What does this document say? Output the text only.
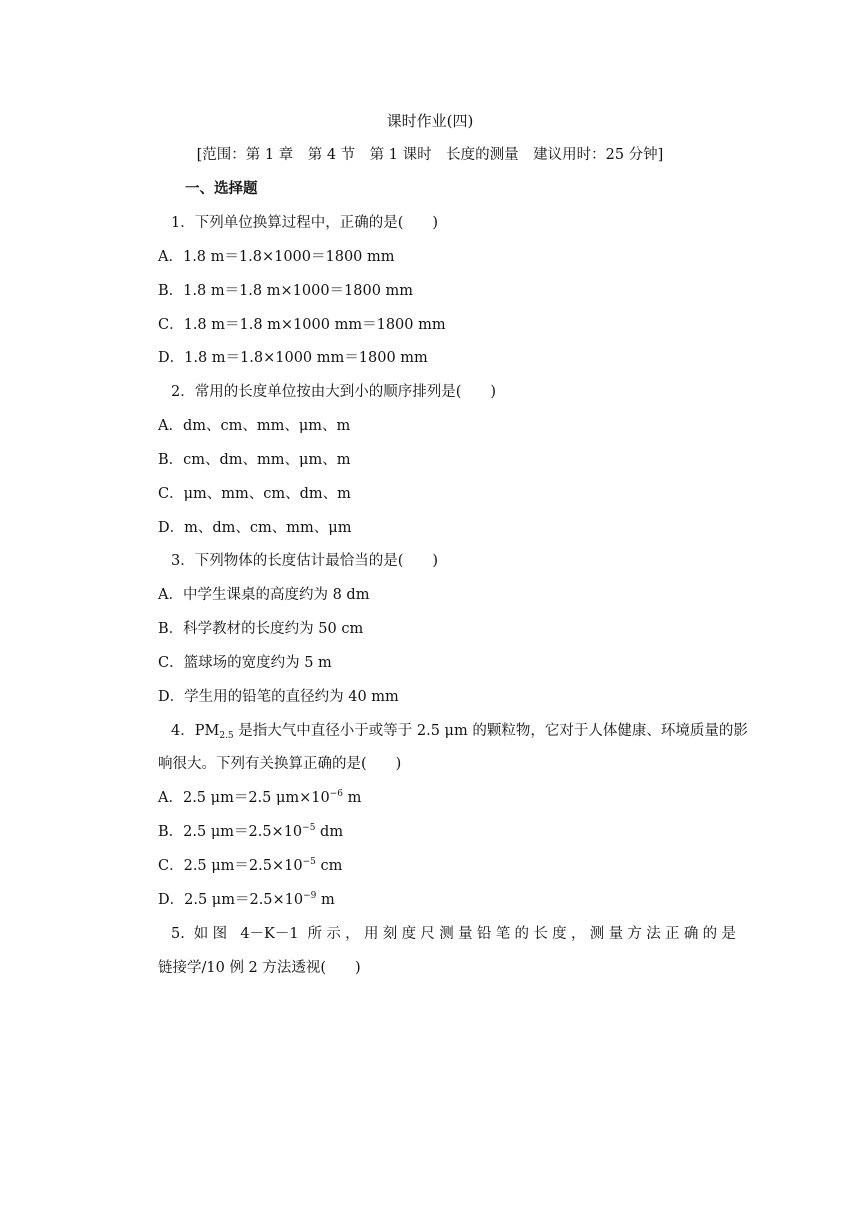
课时作业(四)
[范围：第 1 章　第 4 节　第 1 课时　长度的测量　建议用时：25 分钟]
一、选择题
1．下列单位换算过程中，正确的是(　　)
A．1.8 m＝1.8×1000＝1800 mm
B．1.8 m＝1.8 m×1000＝1800 mm
C．1.8 m＝1.8 m×1000 mm＝1800 mm
D．1.8 m＝1.8×1000 mm＝1800 mm
2．常用的长度单位按由大到小的顺序排列是(　　)
A．dm、cm、mm、μm、m
B．cm、dm、mm、μm、m
C．μm、mm、cm、dm、m
D．m、dm、cm、mm、μm
3．下列物体的长度估计最恰当的是(　　)
A．中学生课桌的高度约为 8 dm
B．科学教材的长度约为 50 cm
C．篮球场的宽度约为 5 m
D．学生用的铅笔的直径约为 40 mm
4．$PM_{2.5}$ 是指大气中直径小于或等于 2.5 μm 的颗粒物，它对于人体健康、环境质量的影
响很大。下列有关换算正确的是(　　)
A．2.5 μm＝2.5 $\mu m\times 10^{-6}$ m
B．2.5 $\mu m=2.5\times 10^{-5}$ dm
C．2.5 $\mu m=2.5\times 10^{-5}$ cm
D．2.5 $\mu m=2.5\times 10^{-9}$ m
5. 如图 4－K－1 所示，用刻度尺测量铅笔的长度，测量方法正确的是
链接学/10 例 2 方法透视(　　)
